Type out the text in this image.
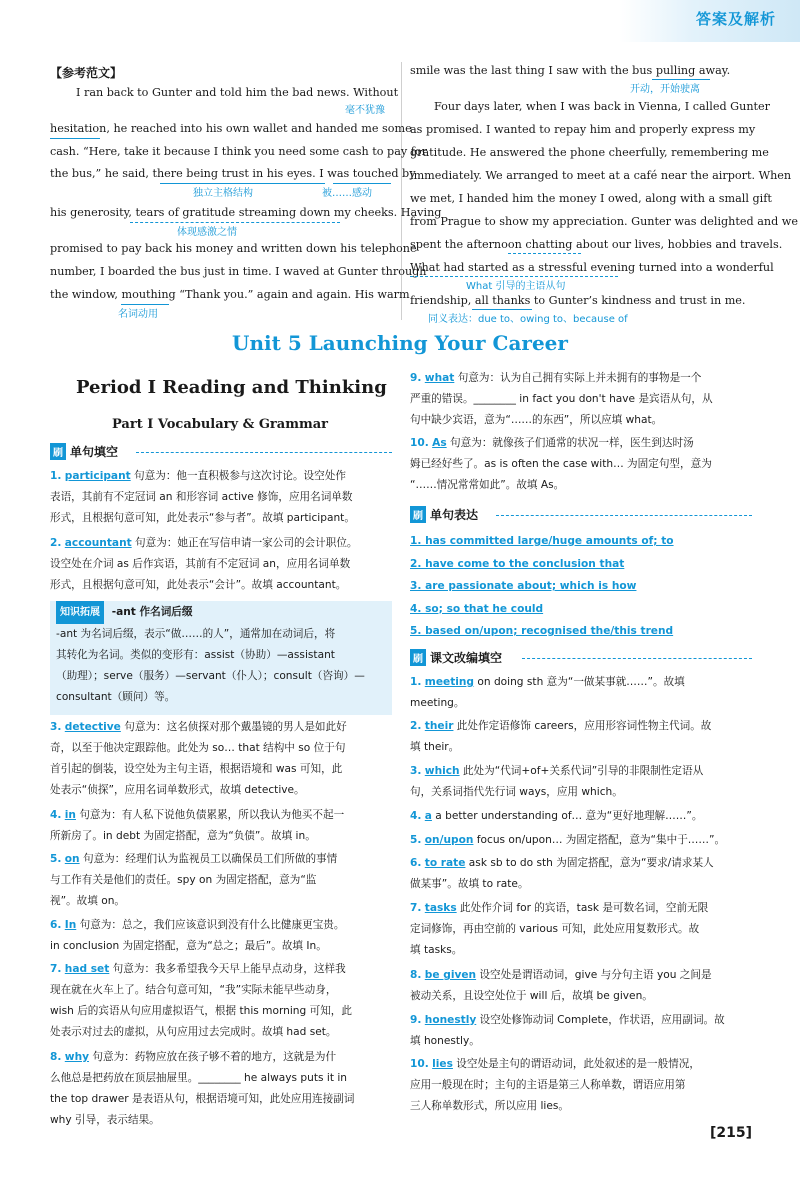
答案及解析
【参考范文】
I ran back to Gunter and told him the bad news. Without
hesitation, he reached into his own wallet and handed me some
cash. “Here, take it because I think you need some cash to pay for
the bus,” he said, there being trust in his eyes. I was touched by
his generosity, tears of gratitude streaming down my cheeks. Having
promised to pay back his money and written down his telephone
number, I boarded the bus just in time. I waved at Gunter through
the window, mouthing “Thank you.” again and again. His warm
毫不犹豫
独立主格结构	被……感动
体现感激之情
名词动用
smile was the last thing I saw with the bus pulling away.
Four days later, when I was back in Vienna, I called Gunter
as promised. I wanted to repay him and properly express my
gratitude. He answered the phone cheerfully, remembering me
immediately. We arranged to meet at a café near the airport. When
we met, I handed him the money I owed, along with a small gift
from Prague to show my appreciation. Gunter was delighted and we
spent the afternoon chatting about our lives, hobbies and travels.
What had started as a stressful evening turned into a wonderful
friendship, all thanks to Gunter’s kindness and trust in me.
开动，开始驶离
What 引导的主语从句
同义表达：due to、owing to、because of
Unit 5 Launching Your Career
Period Ⅰ Reading and Thinking
Part Ⅰ Vocabulary & Grammar
刷 单句填空
1. participant 句意为：他一直积极参与这次讨论。设空处作
表语，其前有不定冠词 an 和形容词 active 修饰，应用名词单数
形式，且根据句意可知，此处表示“参与者”。故填 participant。
2. accountant 句意为：她正在写信申请一家公司的会计职位。
设空处在介词 as 后作宾语，其前有不定冠词 an，应用名词单数
形式，且根据句意可知，此处表示“会计”。故填 accountant。
知识拓展 -ant 作名词后缀
-ant 为名词后缀，表示“做……的人”，通常加在动词后，将
其转化为名词。类似的变形有：assist（协助）—assistant
（助理）；serve（服务）—servant（仆人）；consult（咨询）—
consultant（顾问）等。
3. detective 句意为：这名侦探对那个戴墨镜的男人是如此好
奇，以至于他决定跟踪他。此处为 so… that 结构中 so 位于句
首引起的倒装，设空处为主句主语，根据语境和 was 可知，此
处表示“侦探”，应用名词单数形式，故填 detective。
4. in 句意为：有人私下说他负债累累，所以我认为他买不起一
所新房了。in debt 为固定搭配，意为“负债”。故填 in。
5. on 句意为：经理们认为监视员工以确保员工们所做的事情
与工作有关是他们的责任。spy on 为固定搭配，意为“监
视”。故填 on。
6. In 句意为：总之，我们应该意识到没有什么比健康更宝贵。
in conclusion 为固定搭配，意为“总之；最后”。故填 In。
7. had set 句意为：我多希望我今天早上能早点动身，这样我
现在就在火车上了。结合句意可知，“我”实际未能早些动身，
wish 后的宾语从句应用虚拟语气，根据 this morning 可知，此
处表示对过去的虚拟，从句应用过去完成时。故填 had set。
8. why 句意为：药物应放在孩子够不着的地方，这就是为什
么他总是把药放在顶层抽屉里。________ he always puts it in
the top drawer 是表语从句，根据语境可知，此处应用连接副词
why 引导，表示结果。
9. what 句意为：认为自己拥有实际上并未拥有的事物是一个
严重的错误。________ in fact you don't have 是宾语从句，从
句中缺少宾语，意为“……的东西”，所以应填 what。
10. As 句意为：就像孩子们通常的状况一样，医生到达时汤
姆已经好些了。as is often the case with… 为固定句型，意为
“……情况常常如此”。故填 As。
刷 单句表达
1. has committed large/huge amounts of; to
2. have come to the conclusion that
3. are passionate about; which is how
4. so; so that he could
5. based on/upon; recognised the/this trend
刷 课文改编填空
1. meeting on doing sth 意为“一做某事就……”。故填
meeting。
2. their 此处作定语修饰 careers，应用形容词性物主代词。故
填 their。
3. which 此处为“代词+of+关系代词”引导的非限制性定语从
句，关系词指代先行词 ways，应用 which。
4. a a better understanding of… 意为“更好地理解……”。
5. on/upon focus on/upon… 为固定搭配，意为“集中于……”。
6. to rate ask sb to do sth 为固定搭配，意为“要求/请求某人
做某事”。故填 to rate。
7. tasks 此处作介词 for 的宾语，task 是可数名词，空前无限
定词修饰，再由空前的 various 可知，此处应用复数形式。故
填 tasks。
8. be given 设空处是谓语动词，give 与分句主语 you 之间是
被动关系，且设空处位于 will 后，故填 be given。
9. honestly 设空处修饰动词 Complete，作状语，应用副词。故
填 honestly。
10. lies 设空处是主句的谓语动词，此处叙述的是一般情况，
应用一般现在时；主句的主语是第三人称单数，谓语应用第
三人称单数形式，所以应用 lies。
[215]
